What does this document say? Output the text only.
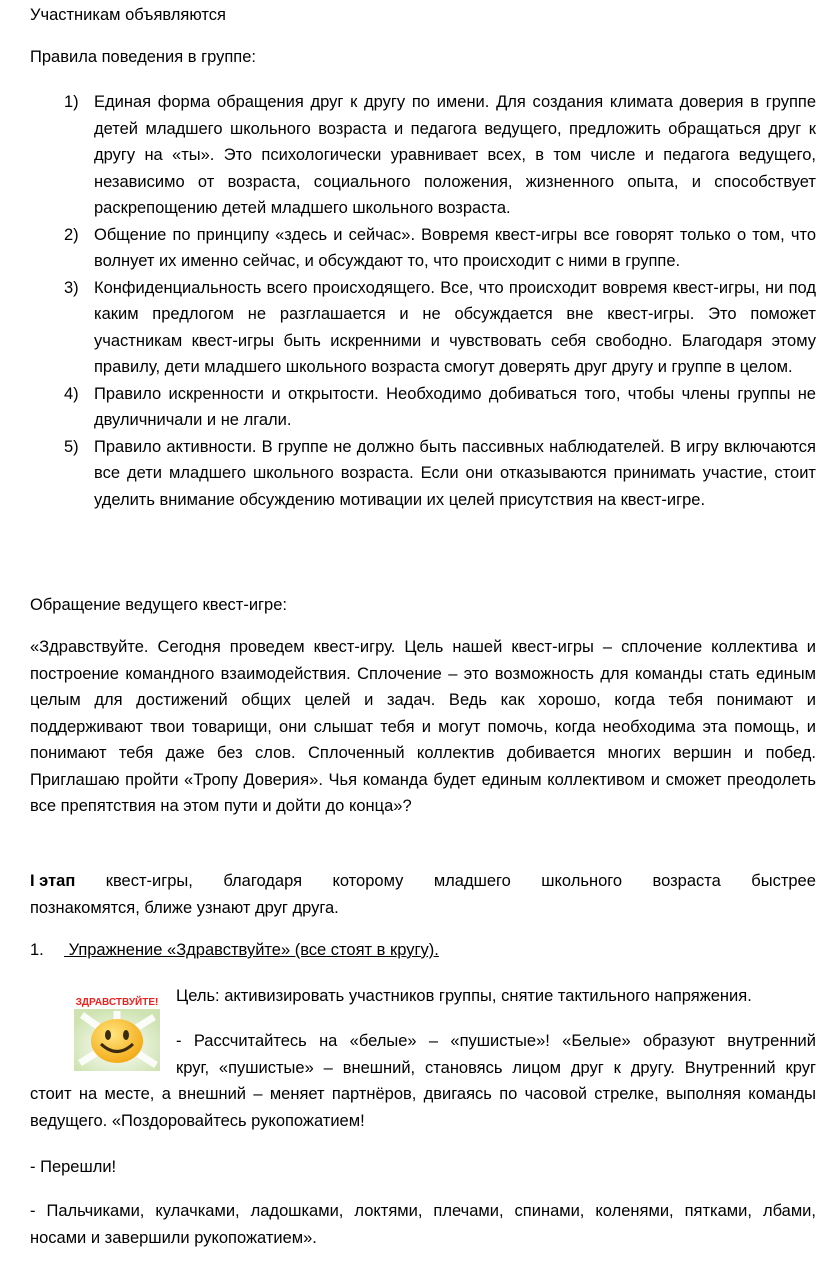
Участникам объявляются

Правила поведения в группе:

1) Единая форма обращения друг к другу по имени. Для создания климата доверия в группе детей младшего школьного возраста и педагога ведущего, предложить обращаться друг к другу на «ты». Это психологически уравнивает всех, в том числе и педагога ведущего, независимо от возраста, социального положения, жизненного опыта, и способствует раскрепощению детей младшего школьного возраста.
2) Общение по принципу «здесь и сейчас». Вовремя квест-игры все говорят только о том, что волнует их именно сейчас, и обсуждают то, что происходит с ними в группе.
3) Конфиденциальность всего происходящего. Все, что происходит вовремя квест-игры, ни под каким предлогом не разглашается и не обсуждается вне квест-игры. Это поможет участникам квест-игры быть искренними и чувствовать себя свободно. Благодаря этому правилу, дети младшего школьного возраста смогут доверять друг другу и группе в целом.
4) Правило искренности и открытости. Необходимо добиваться того, чтобы члены группы не двуличничали и не лгали.
5) Правило активности. В группе не должно быть пассивных наблюдателей. В игру включаются все дети младшего школьного возраста. Если они отказываются принимать участие, стоит уделить внимание обсуждению мотивации их целей присутствия на квест-игре.

Обращение ведущего квест-игре:

«Здравствуйте. Сегодня проведем квест-игру. Цель нашей квест-игры – сплочение коллектива и построение командного взаимодействия. Сплочение – это возможность для команды стать единым целым для достижений общих целей и задач. Ведь как хорошо, когда тебя понимают и поддерживают твои товарищи, они слышат тебя и могут помочь, когда необходима эта помощь, и понимают тебя даже без слов. Сплоченный коллектив добивается многих вершин и побед. Приглашаю пройти «Тропу Доверия». Чья команда будет единым коллективом и сможет преодолеть все препятствия на этом пути и дойти до конца»?

I этап квест-игры, благодаря которому младшего школьного возраста быстрее
познакомятся, ближе узнают друг друга.

1. Упражнение «Здравствуйте» (все стоят в кругу).

ЗДРАВСТВУЙТЕ! Цель: активизировать участников группы, снятие тактильного напряжения.

- Рассчитайтесь на «белые» – «пушистые»! «Белые» образуют внутренний
круг, «пушистые» – внешний, становясь лицом друг к другу. Внутренний круг
стоит на месте, а внешний – меняет партнёров, двигаясь по часовой стрелке, выполняя команды ведущего. «Поздоровайтесь рукопожатием!

- Перешли!

- Пальчиками, кулачками, ладошками, локтями, плечами, спинами, коленями, пятками, лбами, носами и завершили рукопожатием».
